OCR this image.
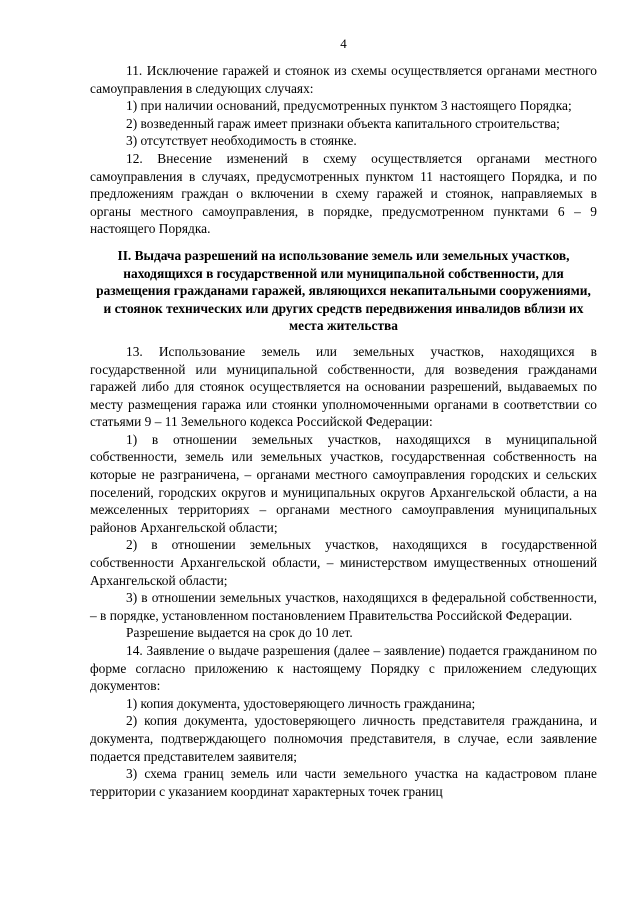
4

11. Исключение гаражей и стоянок из схемы осуществляется органами местного самоуправления в следующих случаях:

1) при наличии оснований, предусмотренных пунктом 3 настоящего Порядка;

2) возведенный гараж имеет признаки объекта капитального строительства;

3) отсутствует необходимость в стоянке.

12. Внесение изменений в схему осуществляется органами местного самоуправления в случаях, предусмотренных пунктом 11 настоящего Порядка, и по предложениям граждан о включении в схему гаражей и стоянок, направляемых в органы местного самоуправления, в порядке, предусмотренном пунктами 6 – 9 настоящего Порядка.

II. Выдача разрешений на использование земель или земельных участков, находящихся в государственной или муниципальной собственности, для размещения гражданами гаражей, являющихся некапитальными сооружениями, и стоянок технических или других средств передвижения инвалидов вблизи их места жительства

13. Использование земель или земельных участков, находящихся в государственной или муниципальной собственности, для возведения гражданами гаражей либо для стоянок осуществляется на основании разрешений, выдаваемых по месту размещения гаража или стоянки уполномоченными органами в соответствии со статьями 9 – 11 Земельного кодекса Российской Федерации:

1) в отношении земельных участков, находящихся в муниципальной собственности, земель или земельных участков, государственная собственность на которые не разграничена, – органами местного самоуправления городских и сельских поселений, городских округов и муниципальных округов Архангельской области, а на межселенных территориях – органами местного самоуправления муниципальных районов Архангельской области;

2) в отношении земельных участков, находящихся в государственной собственности Архангельской области, – министерством имущественных отношений Архангельской области;

3) в отношении земельных участков, находящихся в федеральной собственности, – в порядке, установленном постановлением Правительства Российской Федерации.

Разрешение выдается на срок до 10 лет.

14. Заявление о выдаче разрешения (далее – заявление) подается гражданином по форме согласно приложению к настоящему Порядку с приложением следующих документов:

1) копия документа, удостоверяющего личность гражданина;

2) копия документа, удостоверяющего личность представителя гражданина, и документа, подтверждающего полномочия представителя, в случае, если заявление подается представителем заявителя;

3) схема границ земель или части земельного участка на кадастровом плане территории с указанием координат характерных точек границ
